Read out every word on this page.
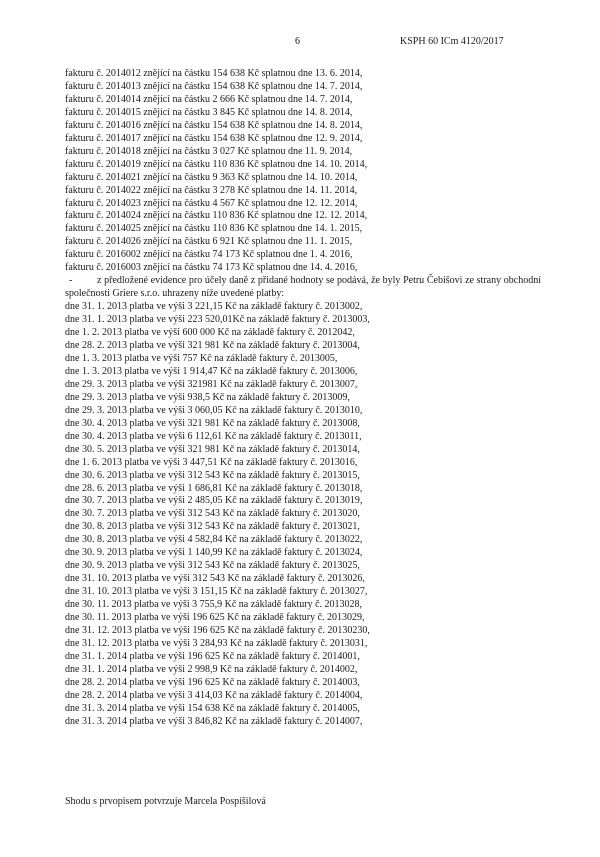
6	KSPH 60 ICm 4120/2017
fakturu č. 2014012 znějící na částku 154 638 Kč splatnou dne 13. 6. 2014,
fakturu č. 2014013 znějící na částku 154 638 Kč splatnou dne 14. 7. 2014,
fakturu č. 2014014 znějící na částku 2 666 Kč splatnou dne 14. 7. 2014,
fakturu č. 2014015 znějící na částku 3 845 Kč splatnou dne 14. 8. 2014,
fakturu č. 2014016 znějící na částku 154 638 Kč splatnou dne 14. 8. 2014,
fakturu č. 2014017 znějící na částku 154 638 Kč splatnou dne 12. 9. 2014,
fakturu č. 2014018 znějící na částku 3 027 Kč splatnou dne 11. 9. 2014,
fakturu č. 2014019 znějící na částku 110 836 Kč splatnou dne 14. 10. 2014,
fakturu č. 2014021 znějící na částku 9 363 Kč splatnou dne 14. 10. 2014,
fakturu č. 2014022 znějící na částku 3 278 Kč splatnou dne 14. 11. 2014,
fakturu č. 2014023 znějící na částku 4 567 Kč splatnou dne 12. 12. 2014,
fakturu č. 2014024 znějící na částku 110 836 Kč splatnou dne 12. 12. 2014,
fakturu č. 2014025 znějící na částku 110 836 Kč splatnou dne 14. 1. 2015,
fakturu č. 2014026 znějící na částku 6 921 Kč splatnou dne 11. 1. 2015,
fakturu č. 2016002 znějící na částku 74 173 Kč splatnou dne 1. 4. 2016,
fakturu č. 2016003 znějící na částku 74 173 Kč splatnou dne 14. 4. 2016,
- z předložené evidence pro účely daně z přidané hodnoty se podává, že byly Petru Čebišovi ze strany obchodní společnosti Griere s.r.o. uhrazeny níže uvedené platby:
dne 31. 1. 2013 platba ve výši 3 221,15 Kč na základě faktury č. 2013002,
dne 31. 1. 2013 platba ve výši 223 520,01Kč na základě faktury č. 2013003,
dne 1. 2. 2013 platba ve výši 600 000 Kč na základě faktury č. 2012042,
dne 28. 2. 2013 platba ve výši 321 981 Kč na základě faktury č. 2013004,
dne 1. 3. 2013 platba ve výši 757 Kč na základě faktury č. 2013005,
dne 1. 3. 2013 platba ve výši 1 914,47 Kč na základě faktury č. 2013006,
dne 29. 3. 2013 platba ve výši 321981 Kč na základě faktury č. 2013007,
dne 29. 3. 2013 platba ve výši 938,5 Kč na základě faktury č. 2013009,
dne 29. 3. 2013 platba ve výši 3 060,05 Kč na základě faktury č. 2013010,
dne 30. 4. 2013 platba ve výši 321 981 Kč na základě faktury č. 2013008,
dne 30. 4. 2013 platba ve výši 6 112,61 Kč na základě faktury č. 2013011,
dne 30. 5. 2013 platba ve výši 321 981 Kč na základě faktury č. 2013014,
dne 1. 6. 2013 platba ve výši 3 447,51 Kč na základě faktury č. 2013016,
dne 30. 6. 2013 platba ve výši 312 543 Kč na základě faktury č. 2013015,
dne 28. 6. 2013 platba ve výši 1 686,81 Kč na základě faktury č. 2013018,
dne 30. 7. 2013 platba ve výši 2 485,05 Kč na základě faktury č. 2013019,
dne 30. 7. 2013 platba ve výši 312 543 Kč na základě faktury č. 2013020,
dne 30. 8. 2013 platba ve výši 312 543 Kč na základě faktury č. 2013021,
dne 30. 8. 2013 platba ve výši 4 582,84 Kč na základě faktury č. 2013022,
dne 30. 9. 2013 platba ve výši 1 140,99 Kč na základě faktury č. 2013024,
dne 30. 9. 2013 platba ve výši 312 543 Kč na základě faktury č. 2013025,
dne 31. 10. 2013 platba ve výši 312 543 Kč na základě faktury č. 2013026,
dne 31. 10. 2013 platba ve výši 3 151,15 Kč na základě faktury č. 2013027,
dne 30. 11. 2013 platba ve výši 3 755,9 Kč na základě faktury č. 2013028,
dne 30. 11. 2013 platba ve výši 196 625 Kč na základě faktury č. 2013029,
dne 31. 12. 2013 platba ve výši 196 625 Kč na základě faktury č. 20130230,
dne 31. 12. 2013 platba ve výši 3 284,93 Kč na základě faktury č. 2013031,
dne 31. 1. 2014 platba ve výši 196 625 Kč na základě faktury č. 2014001,
dne 31. 1. 2014 platba ve výši 2 998,9 Kč na základě faktury č. 2014002,
dne 28. 2. 2014 platba ve výši 196 625 Kč na základě faktury č. 2014003,
dne 28. 2. 2014 platba ve výši 3 414,03 Kč na základě faktury č. 2014004,
dne 31. 3. 2014 platba ve výši 154 638 Kč na základě faktury č. 2014005,
dne 31. 3. 2014 platba ve výši 3 846,82 Kč na základě faktury č. 2014007,
Shodu s prvopisem potvrzuje Marcela Pospíšilová
